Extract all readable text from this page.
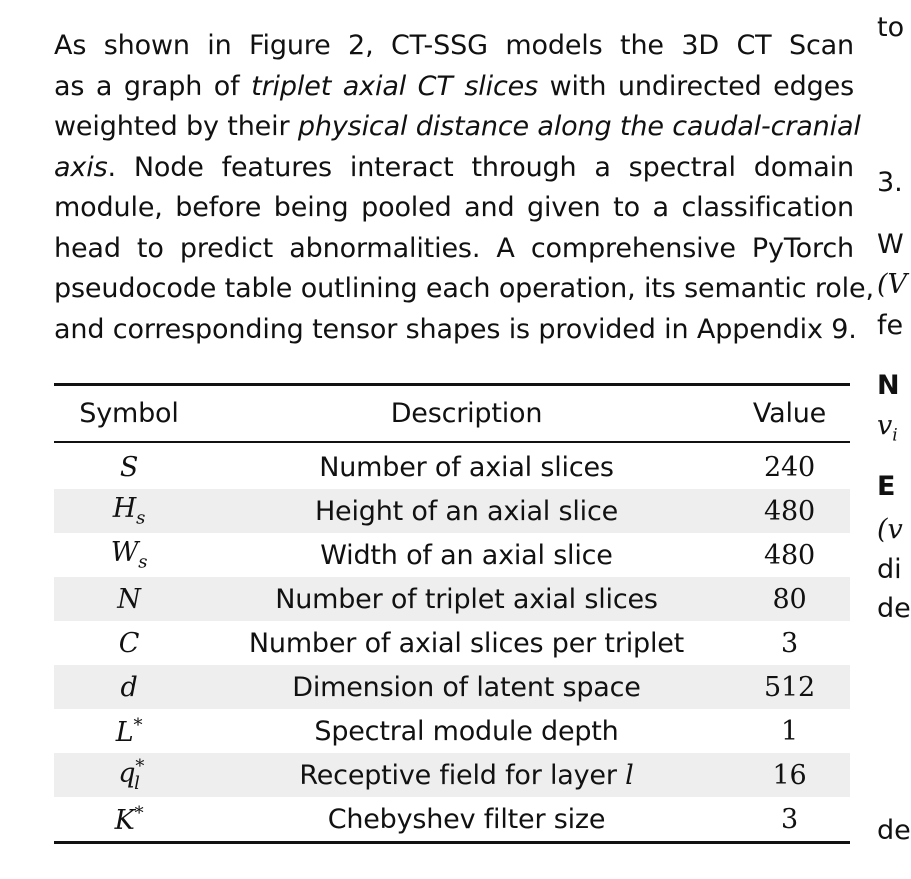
As shown in Figure 2, CT-SSG models the 3D CT Scan
as a graph of triplet axial CT slices with undirected edges
weighted by their physical distance along the caudal-cranial
axis. Node features interact through a spectral domain
module, before being pooled and given to a classification
head to predict abnormalities. A comprehensive PyTorch
pseudocode table outlining each operation, its semantic role,
and corresponding tensor shapes is provided in Appendix 9.
Symbol	Description	Value
S	Number of axial slices	240
$H_s$	Height of an axial slice	480
$W_s$	Width of an axial slice	480
N	Number of triplet axial slices	80
C	Number of axial slices per triplet	3
d	Dimension of latent space	512
L*	Spectral module depth	1
$q^*_l$	Receptive field for layer l	16
K*	Chebyshev filter size	3
to
3.
W
(V
fe
N
$v_i$
E
(v
di
de
de
